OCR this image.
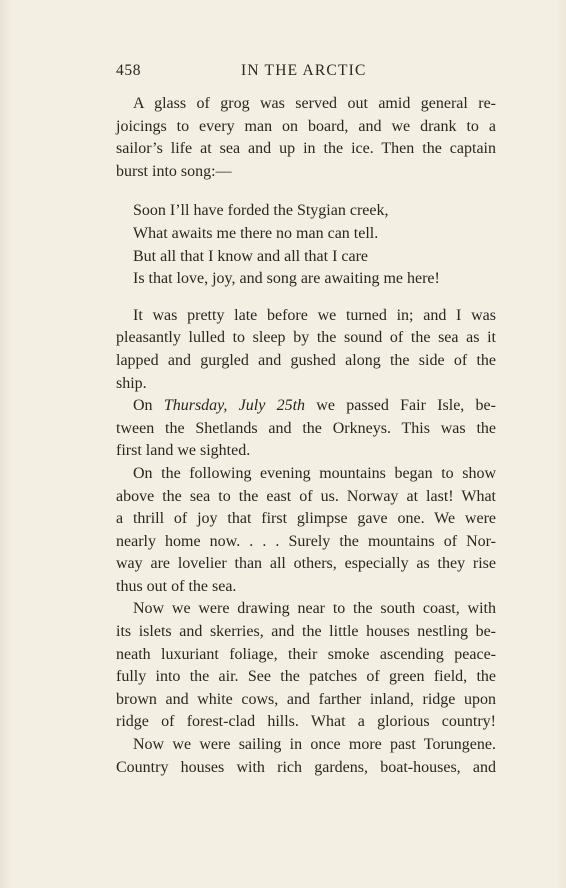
458	IN THE ARCTIC
A glass of grog was served out amid general re-
joicings to every man on board, and we drank to a
sailor’s life at sea and up in the ice. Then the captain
burst into song:—
Soon I’ll have forded the Stygian creek,
What awaits me there no man can tell.
But all that I know and all that I care
Is that love, joy, and song are awaiting me here!
It was pretty late before we turned in; and I was
pleasantly lulled to sleep by the sound of the sea as it
lapped and gurgled and gushed along the side of the
ship.
On Thursday, July 25th we passed Fair Isle, be-
tween the Shetlands and the Orkneys. This was the
first land we sighted.
On the following evening mountains began to show
above the sea to the east of us. Norway at last! What
a thrill of joy that first glimpse gave one. We were
nearly home now. . . . Surely the mountains of Nor-
way are lovelier than all others, especially as they rise
thus out of the sea.
Now we were drawing near to the south coast, with
its islets and skerries, and the little houses nestling be-
neath luxuriant foliage, their smoke ascending peace-
fully into the air. See the patches of green field, the
brown and white cows, and farther inland, ridge upon
ridge of forest-clad hills. What a glorious country!
Now we were sailing in once more past Torungene.
Country houses with rich gardens, boat-houses, and
